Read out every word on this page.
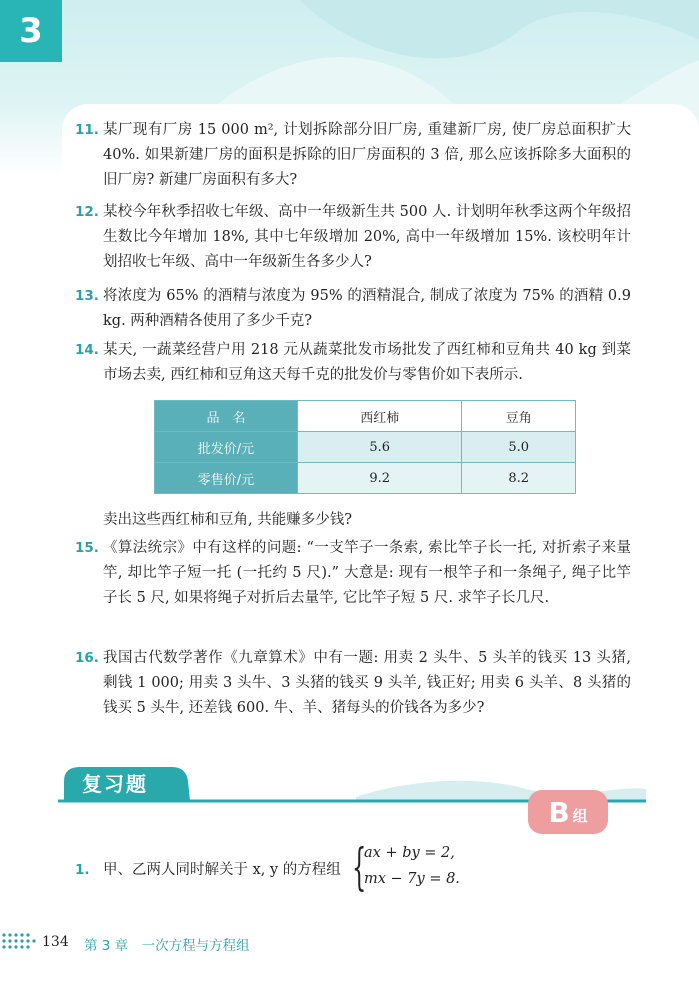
3
11. 某厂现有厂房 15 000 m², 计划拆除部分旧厂房, 重建新厂房, 使厂房总面积扩大 40%. 如果新建厂房的面积是拆除的旧厂房面积的 3 倍, 那么应该拆除多大面积的旧厂房? 新建厂房面积有多大?
12. 某校今年秋季招收七年级、高中一年级新生共 500 人. 计划明年秋季这两个年级招生数比今年增加 18%, 其中七年级增加 20%, 高中一年级增加 15%. 该校明年计划招收七年级、高中一年级新生各多少人?
13. 将浓度为 65% 的酒精与浓度为 95% 的酒精混合, 制成了浓度为 75% 的酒精 0.9 kg. 两种酒精各使用了多少千克?
14. 某天, 一蔬菜经营户用 218 元从蔬菜批发市场批发了西红柿和豆角共 40 kg 到菜市场去卖, 西红柿和豆角这天每千克的批发价与零售价如下表所示.
品　名	西红柿	豆角
批发价/元	5.6	5.0
零售价/元	9.2	8.2
卖出这些西红柿和豆角, 共能赚多少钱?
15. 《算法统宗》中有这样的问题: “一支竿子一条索, 索比竿子长一托, 对折索子来量竿, 却比竿子短一托 (一托约 5 尺).” 大意是: 现有一根竿子和一条绳子, 绳子比竿子长 5 尺, 如果将绳子对折后去量竿, 它比竿子短 5 尺. 求竿子长几尺.
16. 我国古代数学著作《九章算术》中有一题: 用卖 2 头牛、5 头羊的钱买 13 头猪, 剩钱 1 000; 用卖 3 头牛、3 头猪的钱买 9 头羊, 钱正好; 用卖 6 头羊、8 头猪的钱买 5 头牛, 还差钱 600. 牛、羊、猪每头的价钱各为多少?
复习题
B 组
1. 甲、乙两人同时解关于 x, y 的方程组 {
ax + by = 2,
mx − 7y = 8.
134 第 3 章　一次方程与方程组
